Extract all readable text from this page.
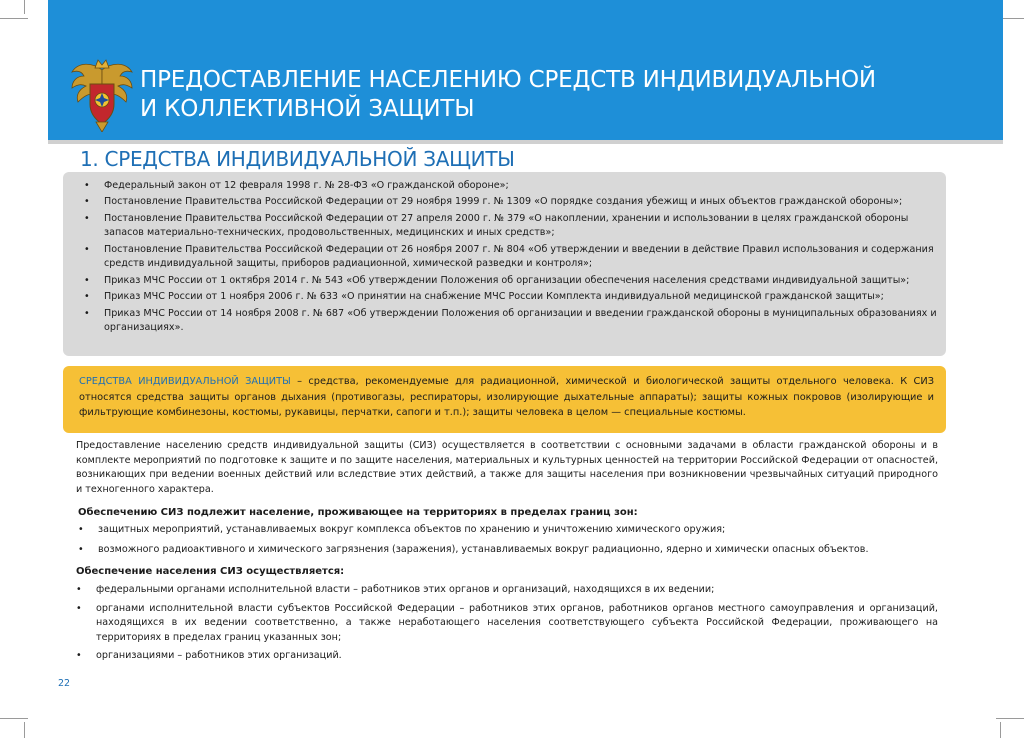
ПРЕДОСТАВЛЕНИЕ НАСЕЛЕНИЮ СРЕДСТВ ИНДИВИДУАЛЬНОЙ
И КОЛЛЕКТИВНОЙ ЗАЩИТЫ
1. СРЕДСТВА ИНДИВИДУАЛЬНОЙ ЗАЩИТЫ
• Федеральный закон от 12 февраля 1998 г. № 28-ФЗ «О гражданской обороне»;
• Постановление Правительства Российской Федерации от 29 ноября 1999 г. № 1309 «О порядке создания убежищ и иных объектов гражданской обороны»;
• Постановление Правительства Российской Федерации от 27 апреля 2000 г. № 379 «О накоплении, хранении и использовании в целях гражданской обороны запасов материально-технических, продовольственных, медицинских и иных средств»;
• Постановление Правительства Российской Федерации от 26 ноября 2007 г. № 804 «Об утверждении и введении в действие Правил использования и содержания средств индивидуальной защиты, приборов радиационной, химической разведки и контроля»;
• Приказ МЧС России от 1 октября 2014 г. № 543 «Об утверждении Положения об организации обеспечения населения средствами индивидуальной защиты»;
• Приказ МЧС России от 1 ноября 2006 г. № 633 «О принятии на снабжение МЧС России Комплекта индивидуальной медицинской гражданской защиты»;
• Приказ МЧС России от 14 ноября 2008 г. № 687 «Об утверждении Положения об организации и введении гражданской обороны в муниципальных образованиях и организациях».
СРЕДСТВА ИНДИВИДУАЛЬНОЙ ЗАЩИТЫ – средства, рекомендуемые для радиационной, химической и биологической защиты отдельного человека. К СИЗ относятся средства защиты органов дыхания (противогазы, респираторы, изолирующие дыхательные аппараты); защиты кожных покровов (изолирующие и фильтрующие комбинезоны, костюмы, рукавицы, перчатки, сапоги и т.п.); защиты человека в целом — специальные костюмы.
Предоставление населению средств индивидуальной защиты (СИЗ) осуществляется в соответствии с основными задачами в области гражданской обороны и в комплекте мероприятий по подготовке к защите и по защите населения, материальных и культурных ценностей на территории Российской Федерации от опасностей, возникающих при ведении военных действий или вследствие этих действий, а также для защиты населения при возникновении чрезвычайных ситуаций природного и техногенного характера.
Обеспечению СИЗ подлежит население, проживающее на территориях в пределах границ зон:
• защитных мероприятий, устанавливаемых вокруг комплекса объектов по хранению и уничтожению химического оружия;
• возможного радиоактивного и химического загрязнения (заражения), устанавливаемых вокруг радиационно, ядерно и химически опасных объектов.
Обеспечение населения СИЗ осуществляется:
• федеральными органами исполнительной власти – работников этих органов и организаций, находящихся в их ведении;
• органами исполнительной власти субъектов Российской Федерации – работников этих органов, работников органов местного самоуправления и организаций, находящихся в их ведении соответственно, а также неработающего населения соответствующего субъекта Российской Федерации, проживающего на территориях в пределах границ указанных зон;
• организациями – работников этих организаций.
22
